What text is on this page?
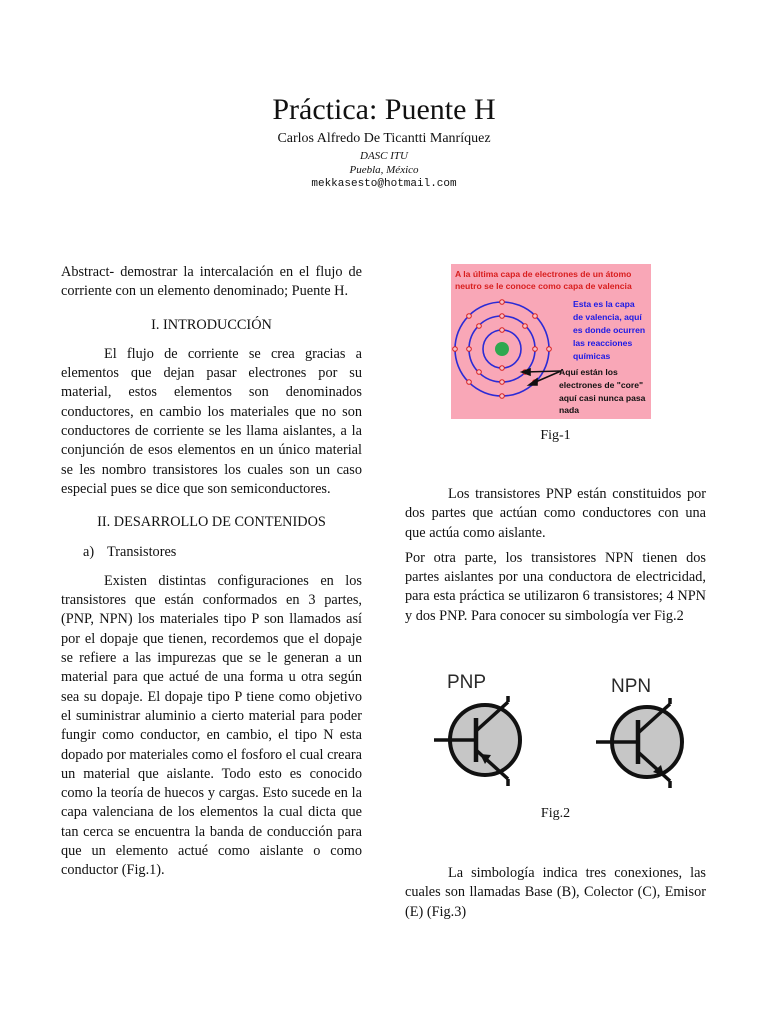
Práctica: Puente H
Carlos Alfredo De Ticantti Manríquez
DASC ITU
Puebla, México
mekkasesto@hotmail.com

Abstract- demostrar la intercalación en el flujo de corriente con un elemento denominado; Puente H.

I. INTRODUCCIÓN

El flujo de corriente se crea gracias a elementos que dejan pasar electrones por su material, estos elementos son denominados conductores, en cambio los materiales que no son conductores de corriente se les llama aislantes, a la conjunción de esos elementos en un único material se les nombro transistores los cuales son un caso especial pues se dice que son semiconductores.

II. DESARROLLO DE CONTENIDOS

a) Transistores

Existen distintas configuraciones en los transistores que están conformados en 3 partes, (PNP, NPN) los materiales tipo P son llamados así por el dopaje que tienen, recordemos que el dopaje se refiere a las impurezas que se le generan a un material para que actué de una forma u otra según sea su dopaje. El dopaje tipo P tiene como objetivo el suministrar aluminio a cierto material para poder fungir como conductor, en cambio, el tipo N esta dopado por materiales como el fosforo el cual creara un material que aislante. Todo esto es conocido como la teoría de huecos y cargas. Esto sucede en la capa valenciana de los elementos la cual dicta que tan cerca se encuentra la banda de conducción para que un elemento actué como aislante o como conductor (Fig.1).

A la última capa de electrones de un átomo
neutro se le conoce como capa de valencia
Esta es la capa
de valencia, aquí
es donde ocurren
las reacciones
químicas
Aquí están los
electrones de "core"
aquí casi nunca pasa
nada
Fig-1

Los transistores PNP están constituidos por dos partes que actúan como conductores con una que actúa como aislante.

Por otra parte, los transistores NPN tienen dos partes aislantes por una conductora de electricidad, para esta práctica se utilizaron 6 transistores; 4 NPN y dos PNP. Para conocer su simbología ver Fig.2

PNP	NPN
Fig.2

La simbología indica tres conexiones, las cuales son llamadas Base (B), Colector (C), Emisor (E) (Fig.3)
